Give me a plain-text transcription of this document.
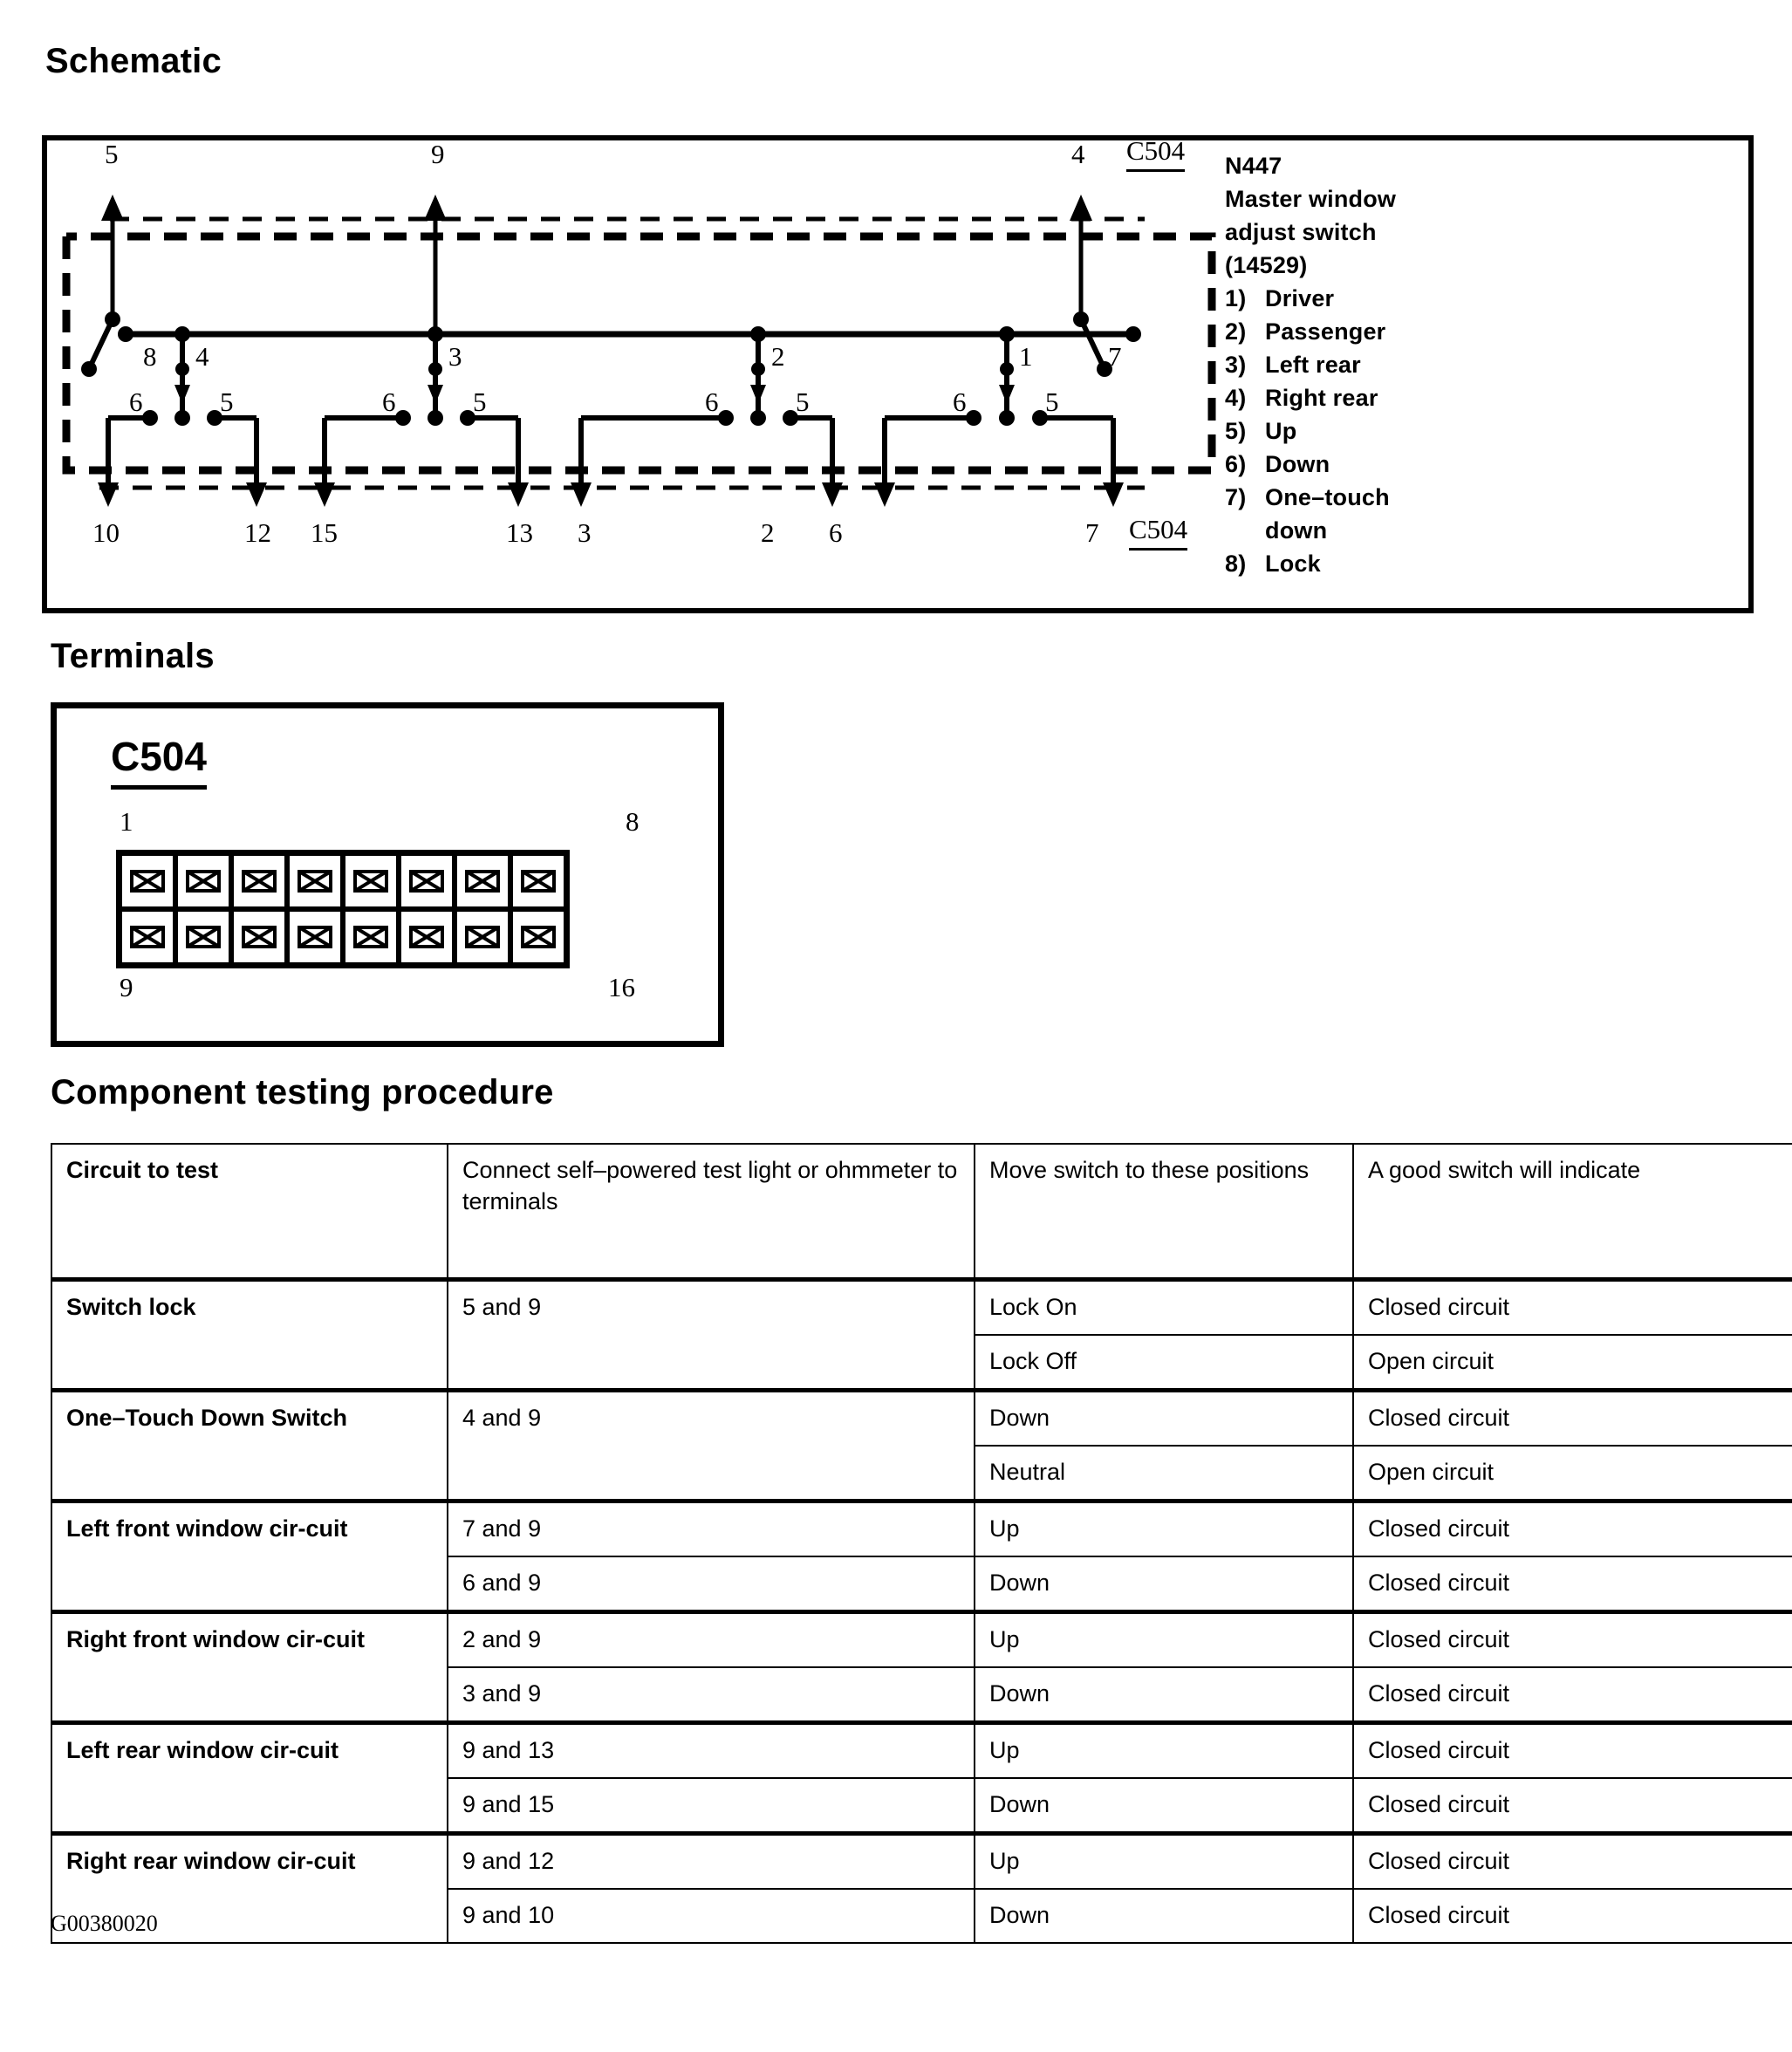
Schematic
5	9	4 C504
8 4	3	2	1	7
6	5	6	5	6	5	6	5
10	12 15	13 3	2 6	7 C504
N447
Master window
adjust switch
(14529)
1) Driver
2) Passenger
3) Left rear
4) Right rear
5) Up
6) Down
7) One–touch
down
8) Lock
Terminals
C504
1	8
9	16
Component testing procedure
Circuit to test	Connect self–powered test light or ohmmeter to terminals	Move switch to these positions	A good switch will indicate
Switch lock	5 and 9	Lock On	Closed circuit
		Lock Off	Open circuit
One–Touch Down Switch	4 and 9	Down	Closed circuit
		Neutral	Open circuit
Left front window cir-cuit	7 and 9	Up	Closed circuit
	6 and 9	Down	Closed circuit
Right front window cir-cuit	2 and 9	Up	Closed circuit
	3 and 9	Down	Closed circuit
Left rear window cir-cuit	9 and 13	Up	Closed circuit
	9 and 15	Down	Closed circuit
Right rear window cir-cuit	9 and 12	Up	Closed circuit
	9 and 10	Down	Closed circuit
G00380020
